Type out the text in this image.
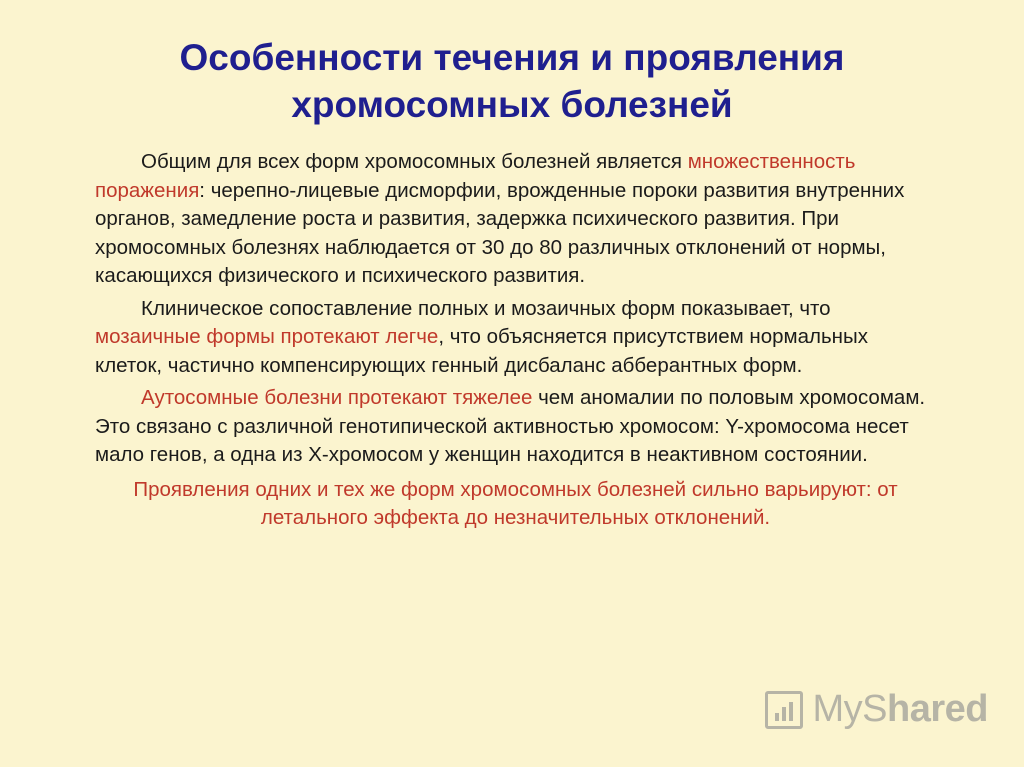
Особенности течения и проявления
хромосомных болезней

Общим для всех форм хромосомных болезней является множественность поражения: черепно-лицевые дисморфии, врожденные пороки развития внутренних органов, замедление роста и развития, задержка психического развития. При хромосомных болезнях наблюдается от 30 до 80 различных отклонений от нормы, касающихся физического и психического развития.

Клиническое сопоставление полных и мозаичных форм показывает, что мозаичные формы протекают легче, что объясняется присутствием нормальных клеток, частично компенсирующих генный дисбаланс абберантных форм.

Аутосомные болезни протекают тяжелее чем аномалии по половым хромосомам. Это связано с различной генотипической активностью хромосом: Y-хромосома несет мало генов, а одна из X-хромосом у женщин находится в неактивном состоянии.

Проявления одних и тех же форм хромосомных болезней сильно варьируют: от летального эффекта до незначительных отклонений.

MyShared
